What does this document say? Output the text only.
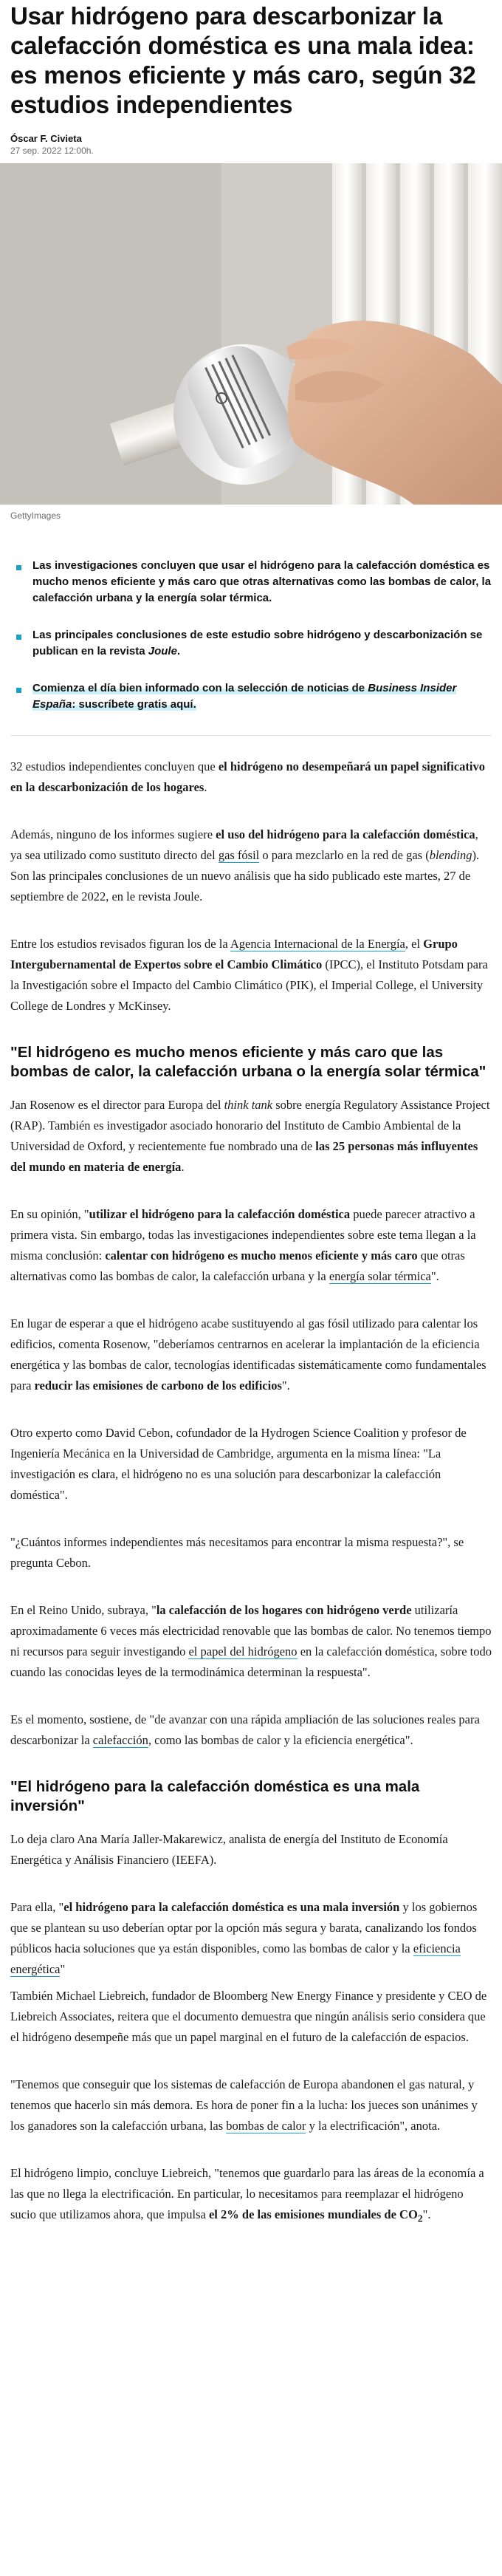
Usar hidrógeno para descarbonizar la calefacción doméstica es una mala idea: es menos eficiente y más caro, según 32 estudios independientes
Óscar F. Civieta
27 sep. 2022 12:00h.
GettyImages
Las investigaciones concluyen que usar el hidrógeno para la calefacción doméstica es mucho menos eficiente y más caro que otras alternativas como las bombas de calor, la calefacción urbana y la energía solar térmica.
Las principales conclusiones de este estudio sobre hidrógeno y descarbonización se publican en la revista Joule.
Comienza el día bien informado con la selección de noticias de Business Insider España: suscríbete gratis aquí.

32 estudios independientes concluyen que el hidrógeno no desempeñará un papel significativo en la descarbonización de los hogares.

Además, ninguno de los informes sugiere el uso del hidrógeno para la calefacción doméstica, ya sea utilizado como sustituto directo del gas fósil o para mezclarlo en la red de gas (blending). Son las principales conclusiones de un nuevo análisis que ha sido publicado este martes, 27 de septiembre de 2022, en le revista Joule.

Entre los estudios revisados figuran los de la Agencia Internacional de la Energía, el Grupo Intergubernamental de Expertos sobre el Cambio Climático (IPCC), el Instituto Potsdam para la Investigación sobre el Impacto del Cambio Climático (PIK), el Imperial College, el University College de Londres y McKinsey.

"El hidrógeno es mucho menos eficiente y más caro que las bombas de calor, la calefacción urbana o la energía solar térmica"

Jan Rosenow es el director para Europa del think tank sobre energía Regulatory Assistance Project (RAP). También es investigador asociado honorario del Instituto de Cambio Ambiental de la Universidad de Oxford, y recientemente fue nombrado una de las 25 personas más influyentes del mundo en materia de energía.

En su opinión, "utilizar el hidrógeno para la calefacción doméstica puede parecer atractivo a primera vista. Sin embargo, todas las investigaciones independientes sobre este tema llegan a la misma conclusión: calentar con hidrógeno es mucho menos eficiente y más caro que otras alternativas como las bombas de calor, la calefacción urbana y la energía solar térmica".

En lugar de esperar a que el hidrógeno acabe sustituyendo al gas fósil utilizado para calentar los edificios, comenta Rosenow, "deberíamos centrarnos en acelerar la implantación de la eficiencia energética y las bombas de calor, tecnologías identificadas sistemáticamente como fundamentales para reducir las emisiones de carbono de los edificios".

Otro experto como David Cebon, cofundador de la Hydrogen Science Coalition y profesor de Ingeniería Mecánica en la Universidad de Cambridge, argumenta en la misma línea: "La investigación es clara, el hidrógeno no es una solución para descarbonizar la calefacción doméstica".

"¿Cuántos informes independientes más necesitamos para encontrar la misma respuesta?", se pregunta Cebon.

En el Reino Unido, subraya, "la calefacción de los hogares con hidrógeno verde utilizaría aproximadamente 6 veces más electricidad renovable que las bombas de calor. No tenemos tiempo ni recursos para seguir investigando el papel del hidrógeno en la calefacción doméstica, sobre todo cuando las conocidas leyes de la termodinámica determinan la respuesta".

Es el momento, sostiene, de "de avanzar con una rápida ampliación de las soluciones reales para descarbonizar la calefacción, como las bombas de calor y la eficiencia energética".

"El hidrógeno para la calefacción doméstica es una mala inversión"

Lo deja claro Ana María Jaller-Makarewicz, analista de energía del Instituto de Economía Energética y Análisis Financiero (IEEFA).

Para ella, "el hidrógeno para la calefacción doméstica es una mala inversión y los gobiernos que se plantean su uso deberían optar por la opción más segura y barata, canalizando los fondos públicos hacia soluciones que ya están disponibles, como las bombas de calor y la eficiencia energética"

También Michael Liebreich, fundador de Bloomberg New Energy Finance y presidente y CEO de Liebreich Associates, reitera que el documento demuestra que ningún análisis serio considera que el hidrógeno desempeñe más que un papel marginal en el futuro de la calefacción de espacios.

"Tenemos que conseguir que los sistemas de calefacción de Europa abandonen el gas natural, y tenemos que hacerlo sin más demora. Es hora de poner fin a la lucha: los jueces son unánimes y los ganadores son la calefacción urbana, las bombas de calor y la electrificación", anota.

El hidrógeno limpio, concluye Liebreich, "tenemos que guardarlo para las áreas de la economía a las que no llega la electrificación. En particular, lo necesitamos para reemplazar el hidrógeno sucio que utilizamos ahora, que impulsa el 2% de las emisiones mundiales de $CO_2$".
